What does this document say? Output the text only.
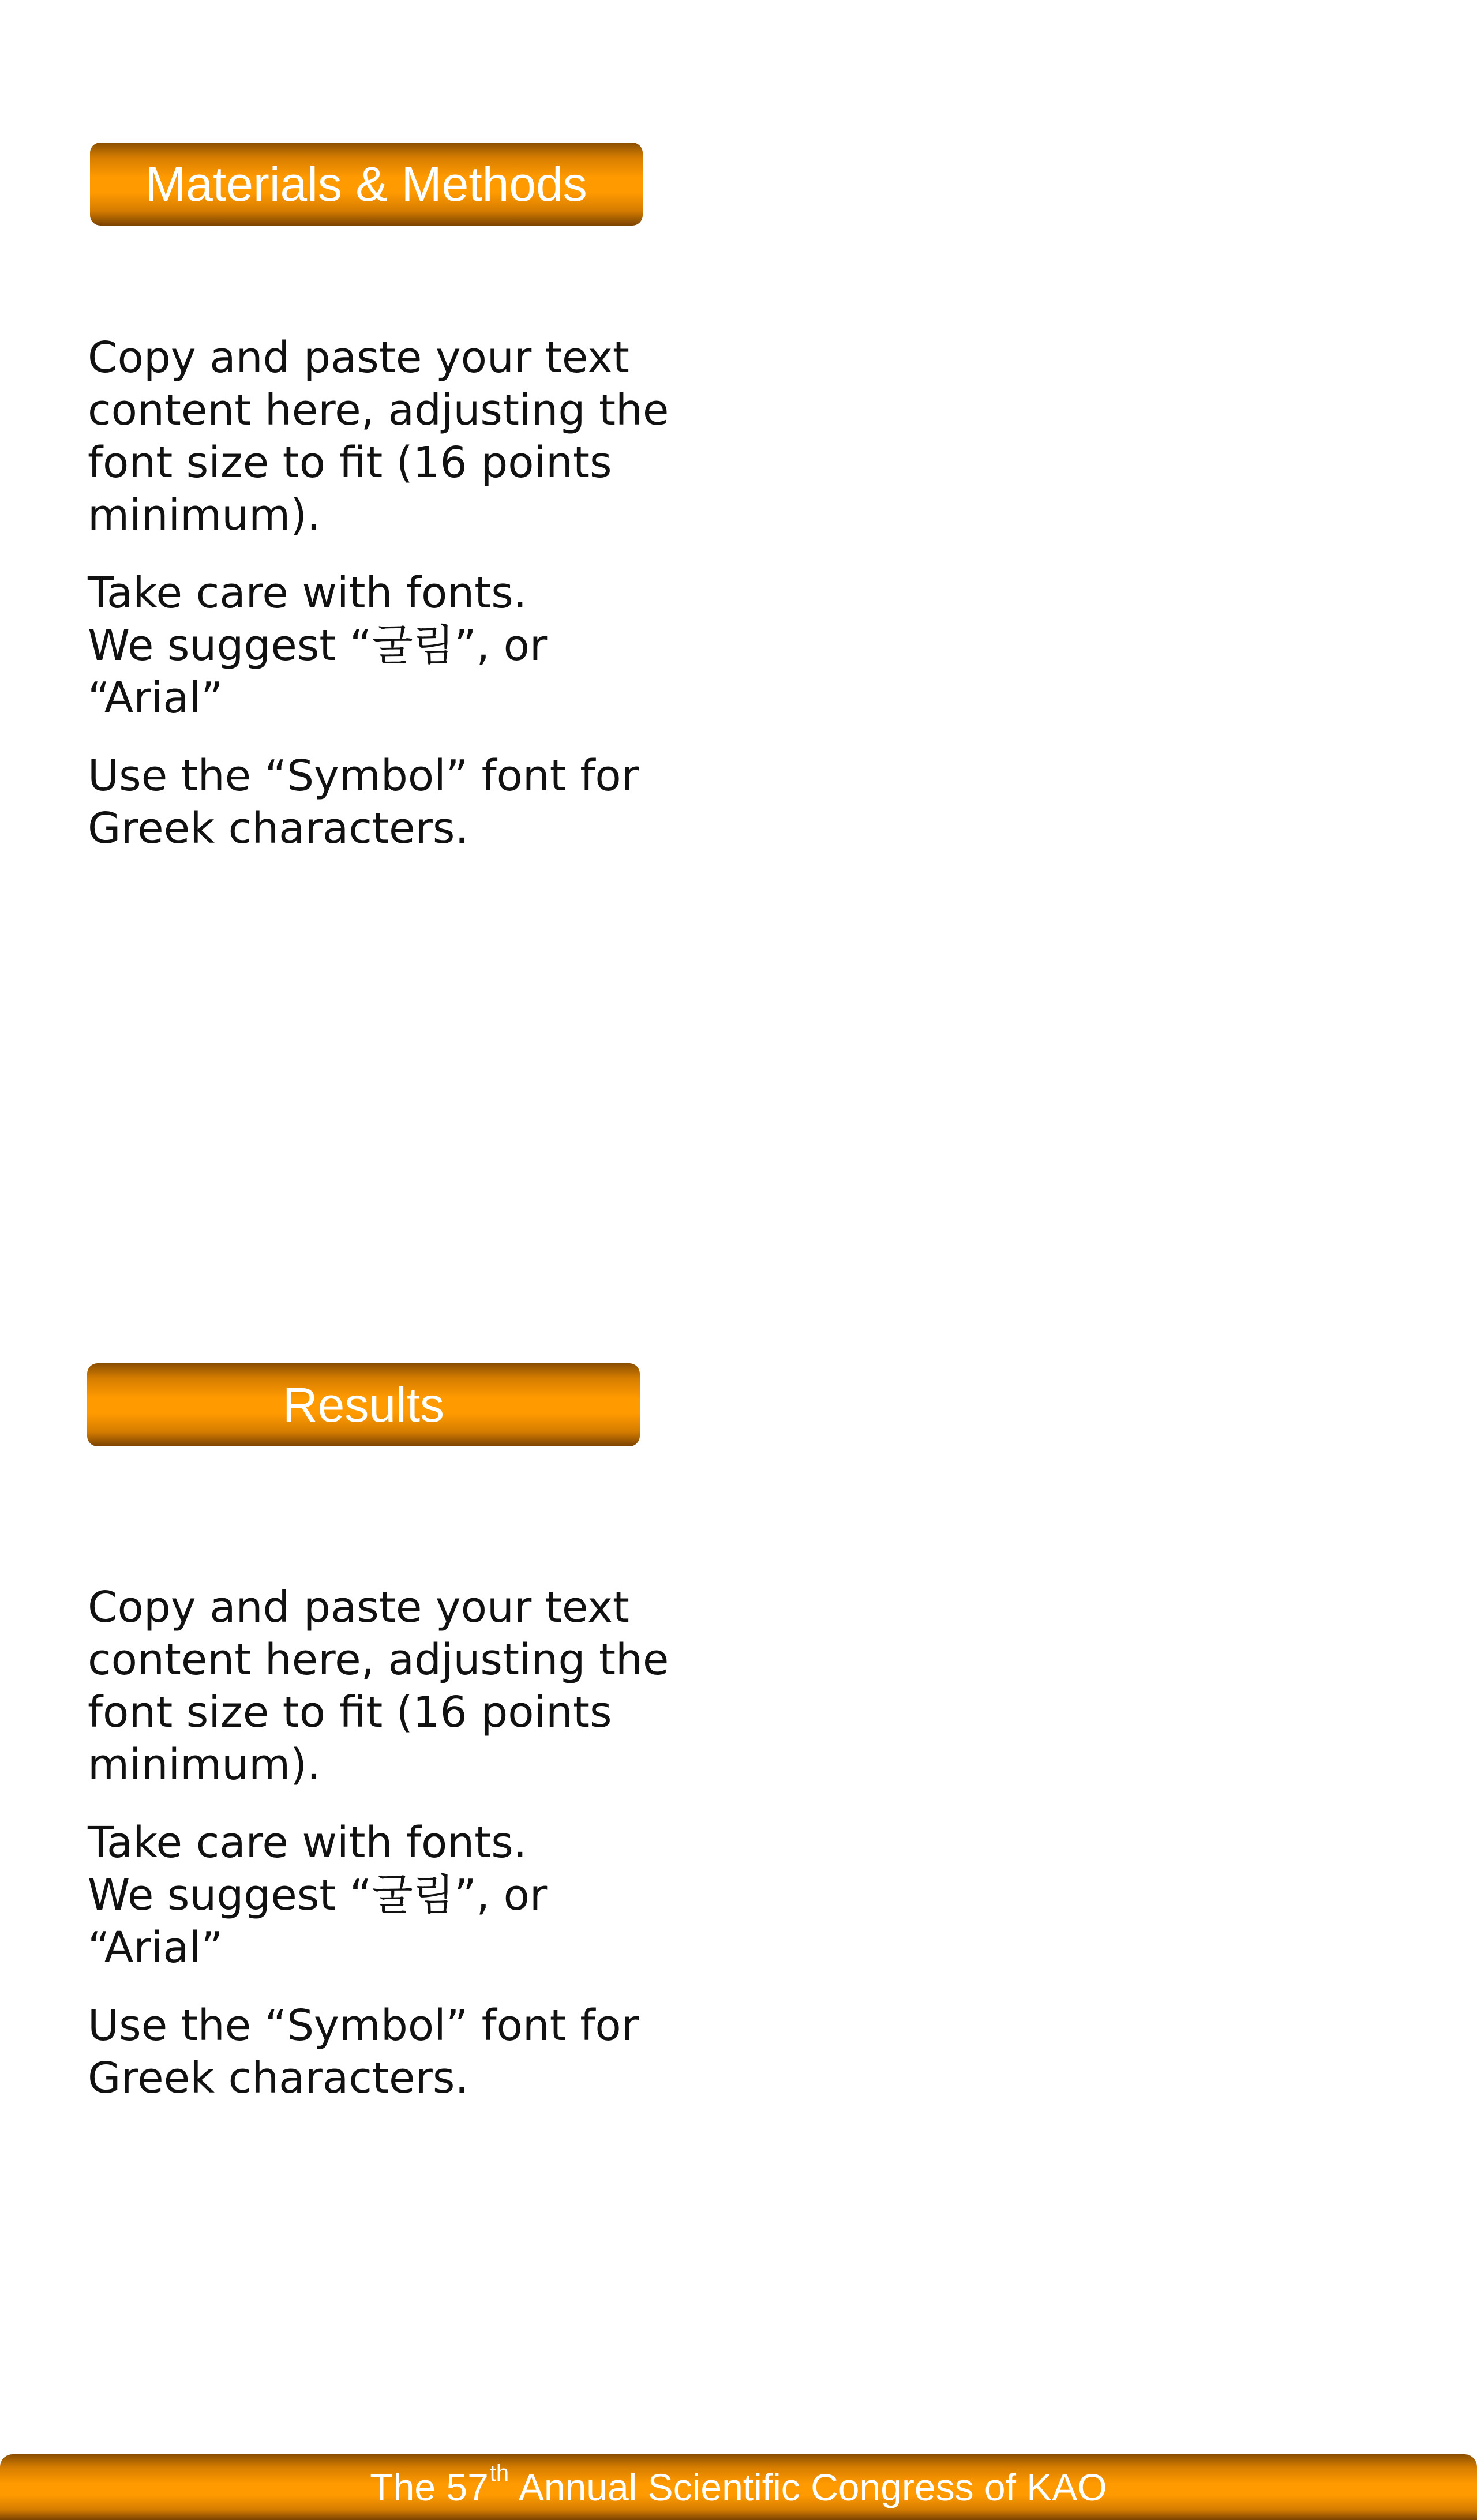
Materials & Methods

Copy and paste your text
content here, adjusting the
font size to fit (16 points
minimum).

Take care with fonts.
We suggest “굴림”, or
“Arial”

Use the “Symbol” font for
Greek characters.

Results

Copy and paste your text
content here, adjusting the
font size to fit (16 points
minimum).

Take care with fonts.
We suggest “굴림”, or
“Arial”

Use the “Symbol” font for
Greek characters.

The 57th Annual Scientific Congress of KAO
